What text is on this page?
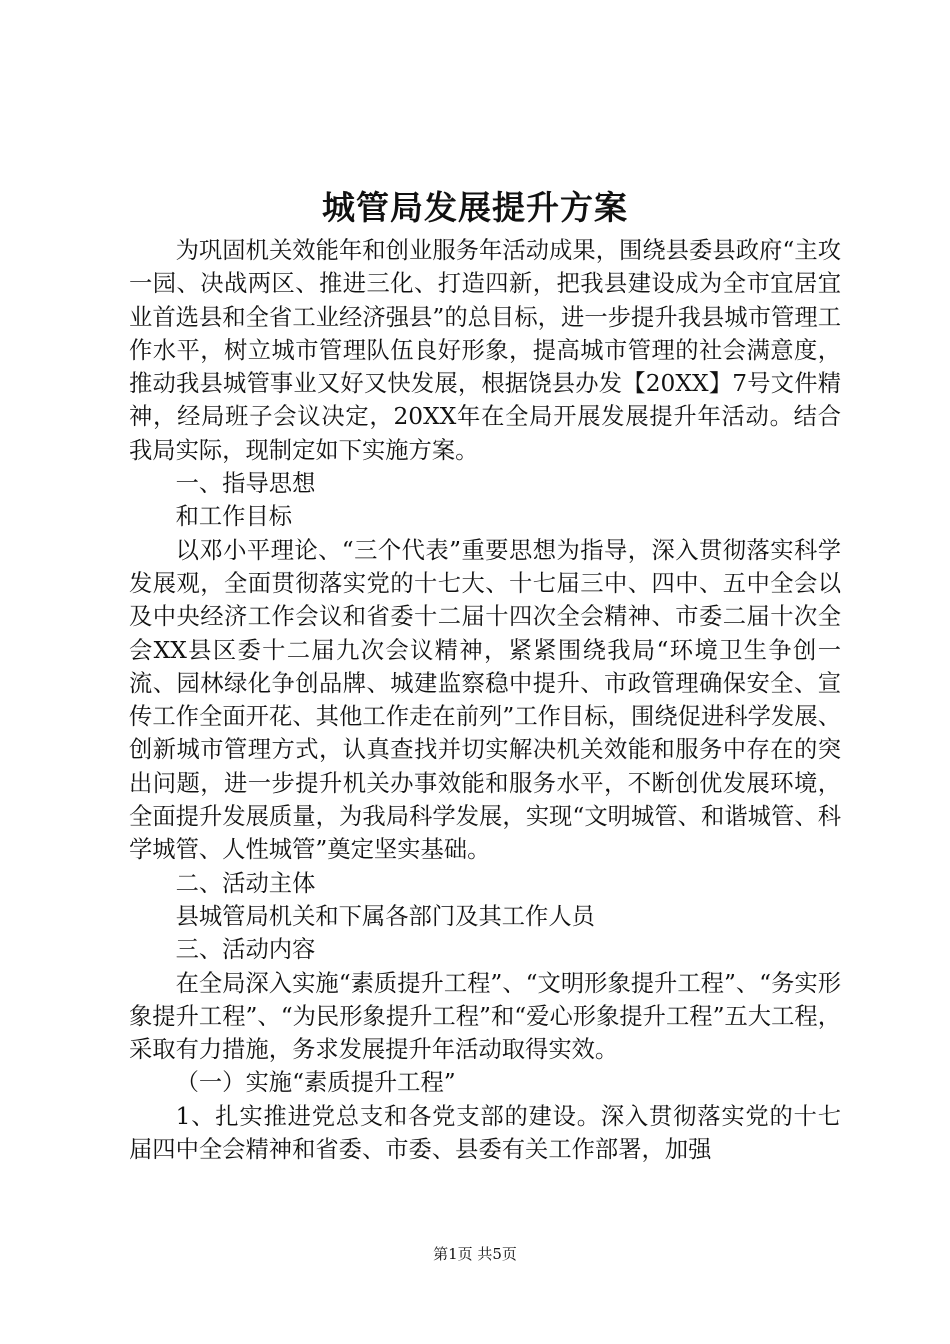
城管局发展提升方案

为巩固机关效能年和创业服务年活动成果，围绕县委县政府“主攻一园、决战两区、推进三化、打造四新，把我县建设成为全市宜居宜业首选县和全省工业经济强县”的总目标，进一步提升我县城市管理工作水平，树立城市管理队伍良好形象，提高城市管理的社会满意度，推动我县城管事业又好又快发展，根据饶县办发【20XX】7号文件精神，经局班子会议决定，20XX年在全局开展发展提升年活动。结合我局实际，现制定如下实施方案。

一、指导思想

和工作目标

以邓小平理论、“三个代表”重要思想为指导，深入贯彻落实科学发展观，全面贯彻落实党的十七大、十七届三中、四中、五中全会以及中央经济工作会议和省委十二届十四次全会精神、市委二届十次全会XX县区委十二届九次会议精神，紧紧围绕我局“环境卫生争创一流、园林绿化争创品牌、城建监察稳中提升、市政管理确保安全、宣传工作全面开花、其他工作走在前列”工作目标，围绕促进科学发展、创新城市管理方式，认真查找并切实解决机关效能和服务中存在的突出问题，进一步提升机关办事效能和服务水平，不断创优发展环境，全面提升发展质量，为我局科学发展，实现“文明城管、和谐城管、科学城管、人性城管”奠定坚实基础。

二、活动主体

县城管局机关和下属各部门及其工作人员

三、活动内容

在全局深入实施“素质提升工程”、“文明形象提升工程”、“务实形象提升工程”、“为民形象提升工程”和“爱心形象提升工程”五大工程，采取有力措施，务求发展提升年活动取得实效。

（一）实施“素质提升工程”

1、扎实推进党总支和各党支部的建设。深入贯彻落实党的十七届四中全会精神和省委、市委、县委有关工作部署，加强

第1页 共5页
